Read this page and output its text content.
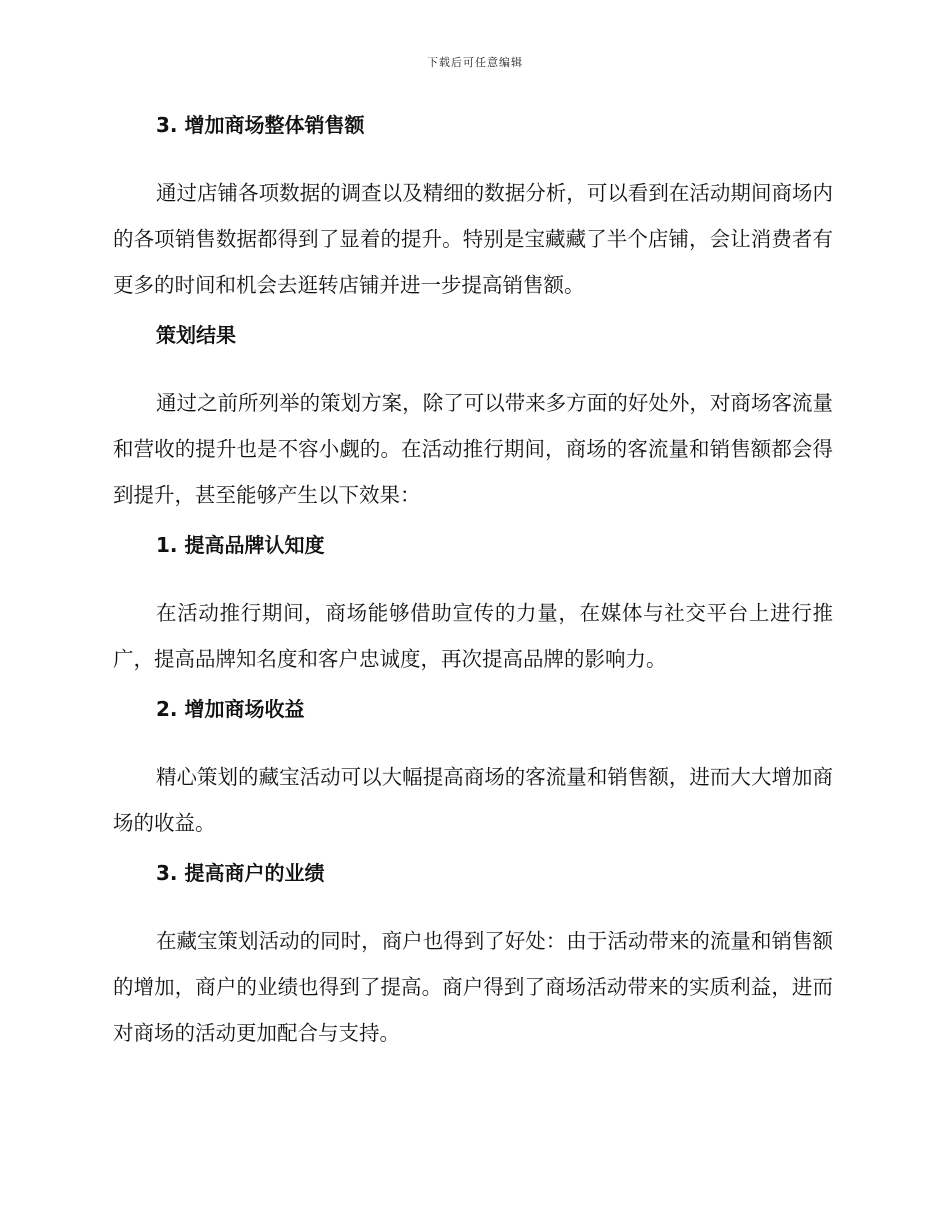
下载后可任意编辑
3. 增加商场整体销售额

通过店铺各项数据的调查以及精细的数据分析，可以看到在活动期间商场内的各项销售数据都得到了显着的提升。特别是宝藏藏了半个店铺，会让消费者有更多的时间和机会去逛转店铺并进一步提高销售额。

策划结果

通过之前所列举的策划方案，除了可以带来多方面的好处外，对商场客流量和营收的提升也是不容小觑的。在活动推行期间，商场的客流量和销售额都会得到提升，甚至能够产生以下效果：

1. 提高品牌认知度

在活动推行期间，商场能够借助宣传的力量，在媒体与社交平台上进行推广，提高品牌知名度和客户忠诚度，再次提高品牌的影响力。

2. 增加商场收益

精心策划的藏宝活动可以大幅提高商场的客流量和销售额，进而大大增加商场的收益。

3. 提高商户的业绩

在藏宝策划活动的同时，商户也得到了好处：由于活动带来的流量和销售额的增加，商户的业绩也得到了提高。商户得到了商场活动带来的实质利益，进而对商场的活动更加配合与支持。
